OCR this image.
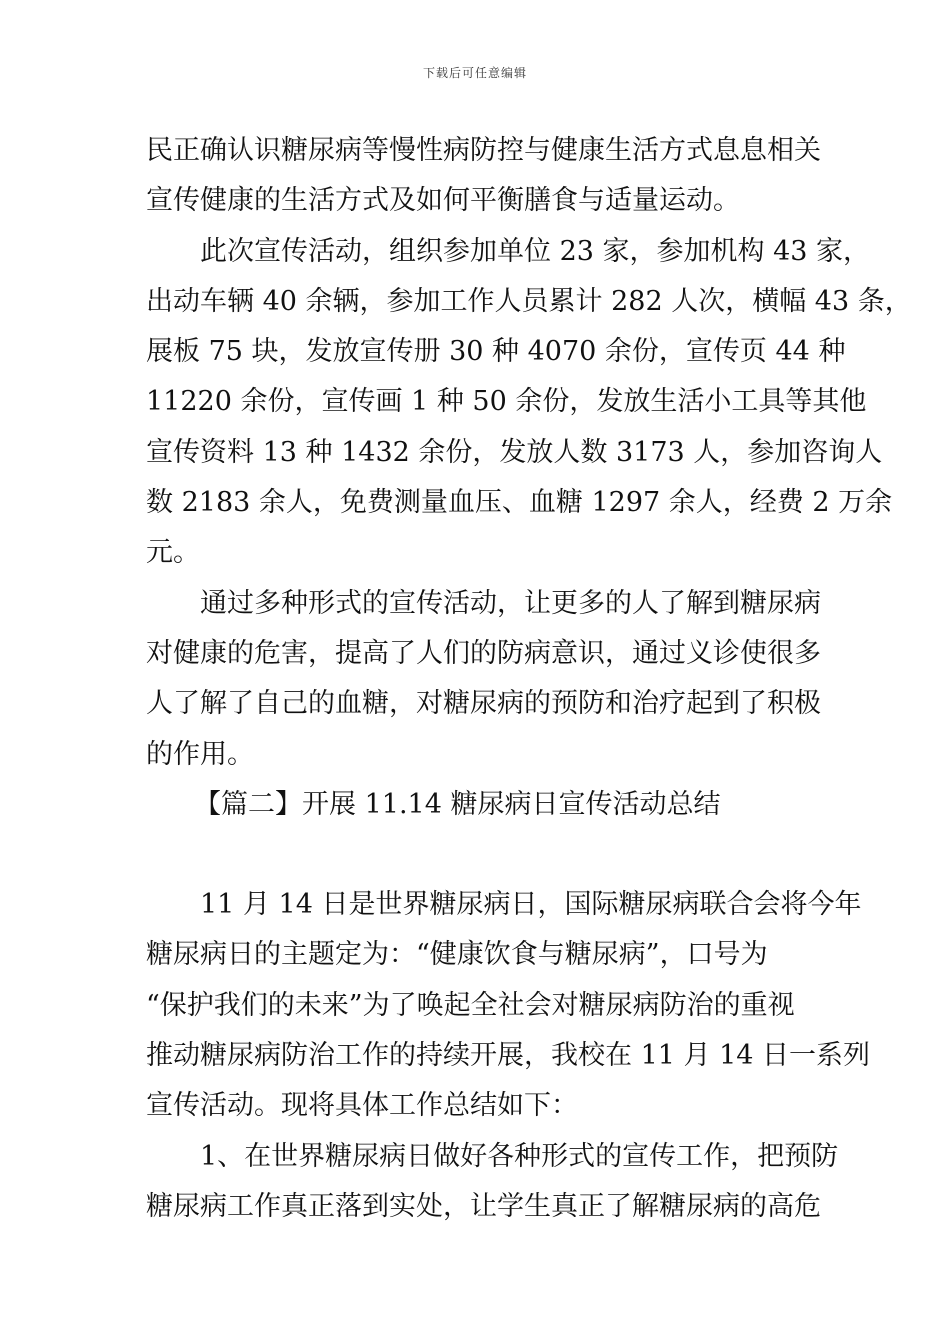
下载后可任意编辑
民正确认识糖尿病等慢性病防控与健康生活方式息息相关
宣传健康的生活方式及如何平衡膳食与适量运动。
此次宣传活动，组织参加单位 23 家，参加机构 43 家，
出动车辆 40 余辆，参加工作人员累计 282 人次，横幅 43 条，
展板 75 块，发放宣传册 30 种 4070 余份，宣传页 44 种
11220 余份，宣传画 1 种 50 余份，发放生活小工具等其他
宣传资料 13 种 1432 余份，发放人数 3173 人，参加咨询人
数 2183 余人，免费测量血压、血糖 1297 余人，经费 2 万余
元。
通过多种形式的宣传活动，让更多的人了解到糖尿病
对健康的危害，提高了人们的防病意识，通过义诊使很多
人了解了自己的血糖，对糖尿病的预防和治疗起到了积极
的作用。
【篇二】开展 11.14 糖尿病日宣传活动总结
11 月 14 日是世界糖尿病日，国际糖尿病联合会将今年
糖尿病日的主题定为：“健康饮食与糖尿病”，口号为
“保护我们的未来”为了唤起全社会对糖尿病防治的重视
推动糖尿病防治工作的持续开展，我校在 11 月 14 日一系列
宣传活动。现将具体工作总结如下：
1、在世界糖尿病日做好各种形式的宣传工作，把预防
糖尿病工作真正落到实处，让学生真正了解糖尿病的高危
